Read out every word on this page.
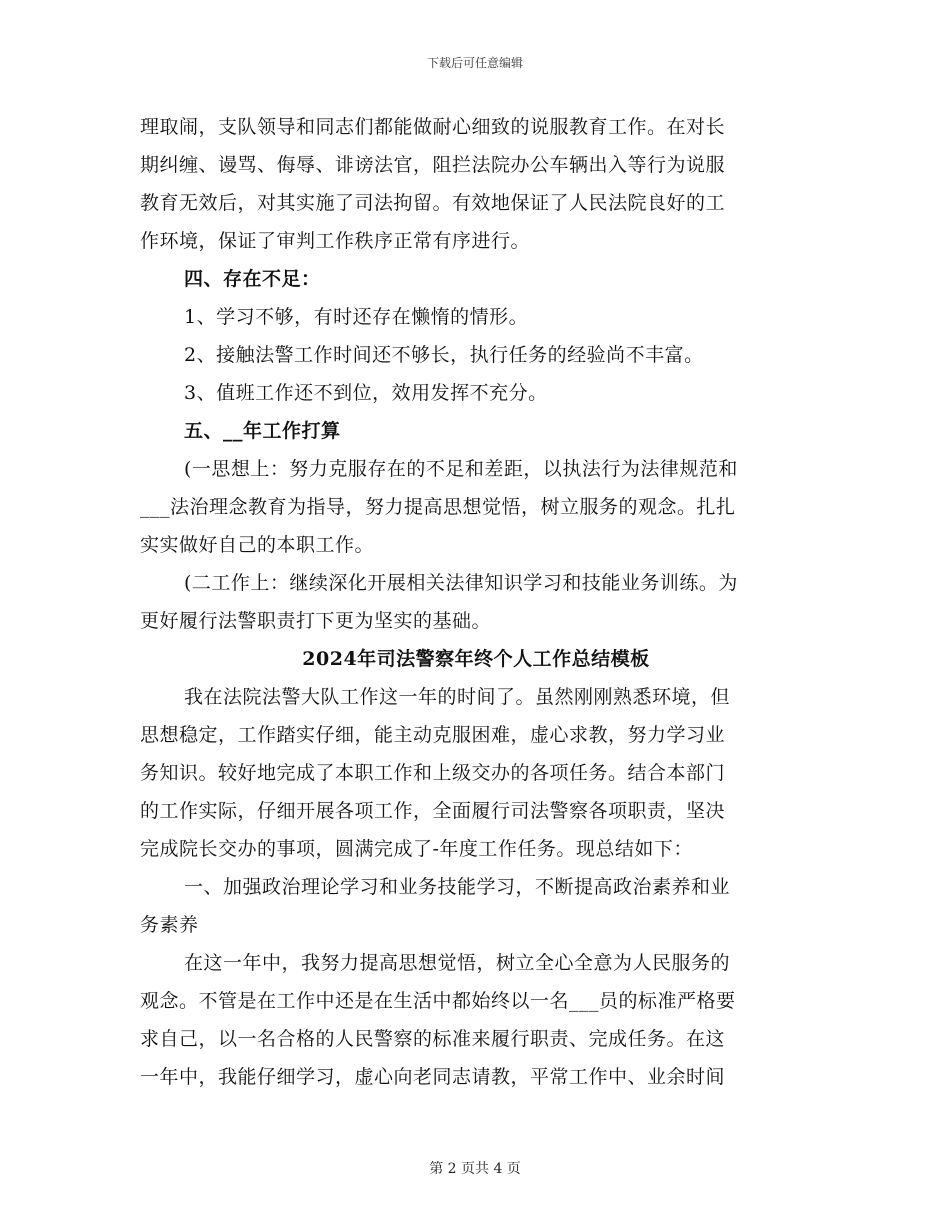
下载后可任意编辑
理取闹，支队领导和同志们都能做耐心细致的说服教育工作。在对长
期纠缠、谩骂、侮辱、诽谤法官，阻拦法院办公车辆出入等行为说服
教育无效后，对其实施了司法拘留。有效地保证了人民法院良好的工
作环境，保证了审判工作秩序正常有序进行。
四、存在不足：
1、学习不够，有时还存在懒惰的情形。
2、接触法警工作时间还不够长，执行任务的经验尚不丰富。
3、值班工作还不到位，效用发挥不充分。
五、__年工作打算
(一思想上：努力克服存在的不足和差距，以执法行为法律规范和
___法治理念教育为指导，努力提高思想觉悟，树立服务的观念。扎扎
实实做好自己的本职工作。
(二工作上：继续深化开展相关法律知识学习和技能业务训练。为
更好履行法警职责打下更为坚实的基础。
2024年司法警察年终个人工作总结模板
我在法院法警大队工作这一年的时间了。虽然刚刚熟悉环境，但
思想稳定，工作踏实仔细，能主动克服困难，虚心求教，努力学习业
务知识。较好地完成了本职工作和上级交办的各项任务。结合本部门
的工作实际，仔细开展各项工作，全面履行司法警察各项职责，坚决
完成院长交办的事项，圆满完成了-年度工作任务。现总结如下：
一、加强政治理论学习和业务技能学习，不断提高政治素养和业
务素养
在这一年中，我努力提高思想觉悟，树立全心全意为人民服务的
观念。不管是在工作中还是在生活中都始终以一名___员的标准严格要
求自己，以一名合格的人民警察的标准来履行职责、完成任务。在这
一年中，我能仔细学习，虚心向老同志请教，平常工作中、业余时间
第 2 页共 4 页
